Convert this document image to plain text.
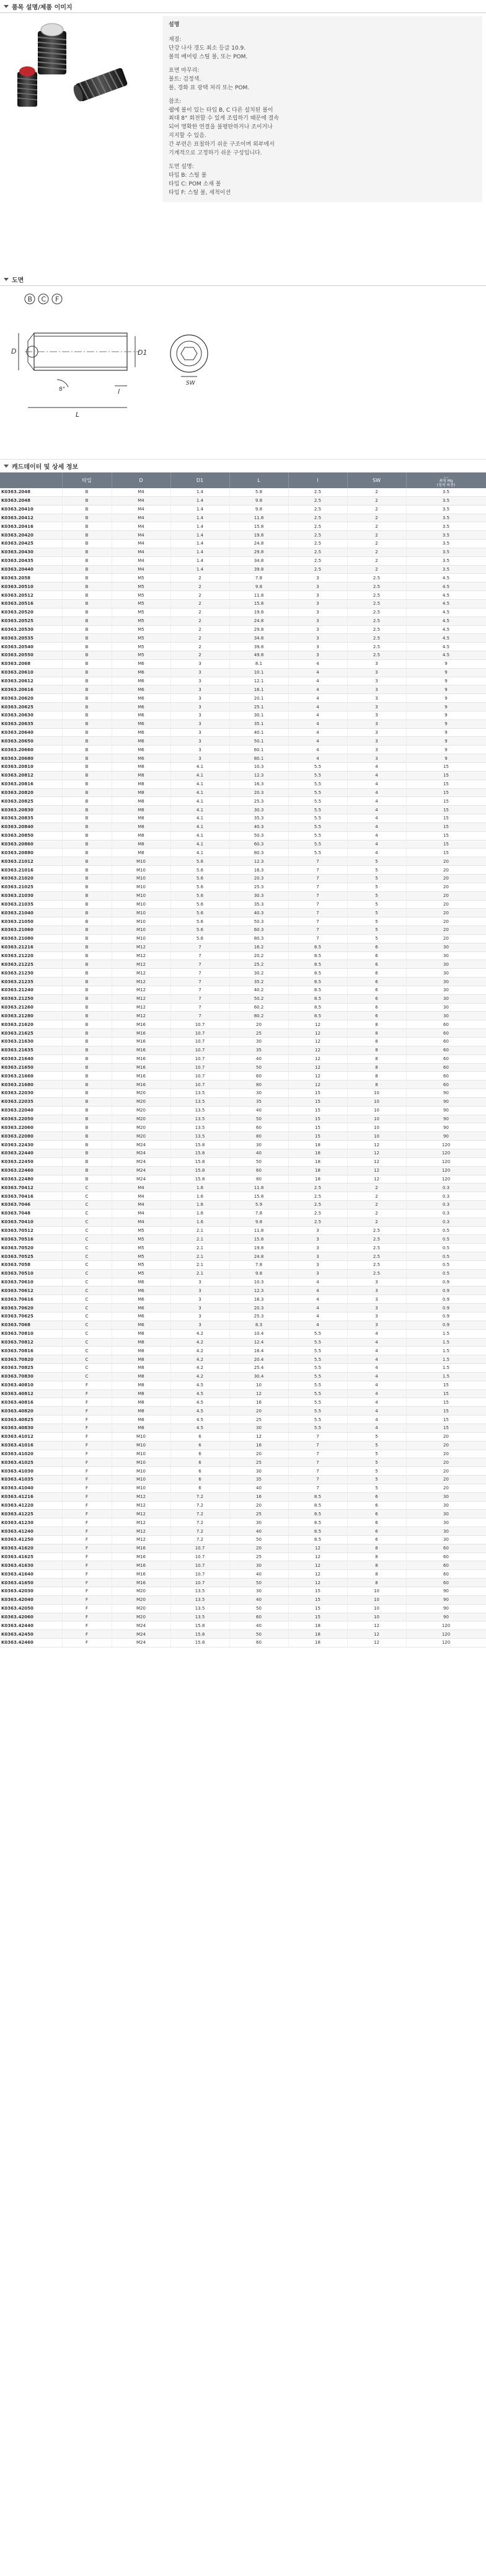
품목 설명/제품 이미지
설명
재질:
단강 나사 경도 최소 등급 10.9.
볼의 베어링 스틸 볼, 또는 POM.
표면 마무리:
볼트: 검정색.
볼, 경화 표 광택 처리 또는 POM.
참조:
쉘에 볼이 있는 타입 B, C 다른 설치된 볼이
최대 8° 회전할 수 있게 조립하기 때문에 결속
되어 명확한 연결을 불평탄하거나 조이거나
지지할 수 있음.
간 부련은 표칠하기 쉬운 구조이며 외부에서
기계적으로 고정하기 쉬운 구성입니다.
도면 설명:
타입 B: 스틸 볼
타입 C: POM 소재 볼
타입 F: 스틸 볼, 세척이션
도면
B C F
D	D1
L
l
8°
SW
캐드데이터 및 상세 정보
	타입	D	D1	L	l	SW	...
최대 Mg
(정적 하중)

K0363.2048	B	M4	1.4	5.8	2.5	2	3.5
K0363.2048	B	M4	1.4	9.8	2.5	2	3.5
K0363.20410	B	M4	1.4	9.8	2.5	2	3.5
K0363.20412	B	M4	1.4	11.8	2.5	2	3.5
K0363.20416	B	M4	1.4	15.8	2.5	2	3.5
K0363.20420	B	M4	1.4	19.8	2.5	2	3.5
K0363.20425	B	M4	1.4	24.8	2.5	2	3.5
K0363.20430	B	M4	1.4	29.8	2.5	2	3.5
K0363.20435	B	M4	1.4	34.8	2.5	2	3.5
K0363.20440	B	M4	1.4	39.8	2.5	2	3.5
K0363.2058	B	M5	2	7.8	3	2.5	4.5
K0363.20510	B	M5	2	9.8	3	2.5	4.5
K0363.20512	B	M5	2	11.8	3	2.5	4.5
K0363.20516	B	M5	2	15.8	3	2.5	4.5
K0363.20520	B	M5	2	19.8	3	2.5	4.5
K0363.20525	B	M5	2	24.8	3	2.5	4.5
K0363.20530	B	M5	2	29.8	3	2.5	4.5
K0363.20535	B	M5	2	34.8	3	2.5	4.5
K0363.20540	B	M5	2	39.8	3	2.5	4.5
K0363.20550	B	M5	2	49.8	3	2.5	4.5
K0363.2068	B	M6	3	8.1	4	3	9
K0363.20610	B	M6	3	10.1	4	3	9
K0363.20612	B	M6	3	12.1	4	3	9
K0363.20616	B	M6	3	16.1	4	3	9
K0363.20620	B	M6	3	20.1	4	3	9
K0363.20625	B	M6	3	25.1	4	3	9
K0363.20630	B	M6	3	30.1	4	3	9
K0363.20635	B	M6	3	35.1	4	3	9
K0363.20640	B	M6	3	40.1	4	3	9
K0363.20650	B	M6	3	50.1	4	3	9
K0363.20660	B	M6	3	60.1	4	3	9
K0363.20680	B	M6	3	80.1	4	3	9
K0363.20810	B	M8	4.1	10.3	5.5	4	15
K0363.20812	B	M8	4.1	12.3	5.5	4	15
K0363.20816	B	M8	4.1	16.3	5.5	4	15
K0363.20820	B	M8	4.1	20.3	5.5	4	15
K0363.20825	B	M8	4.1	25.3	5.5	4	15
K0363.20830	B	M8	4.1	30.3	5.5	4	15
K0363.20835	B	M8	4.1	35.3	5.5	4	15
K0363.20840	B	M8	4.1	40.3	5.5	4	15
K0363.20850	B	M8	4.1	50.3	5.5	4	15
K0363.20860	B	M8	4.1	60.3	5.5	4	15
K0363.20880	B	M8	4.1	80.3	5.5	4	15
K0363.21012	B	M10	5.6	12.3	7	5	20
K0363.21016	B	M10	5.6	16.3	7	5	20
K0363.21020	B	M10	5.6	20.3	7	5	20
K0363.21025	B	M10	5.6	25.3	7	5	20
K0363.21030	B	M10	5.6	30.3	7	5	20
K0363.21035	B	M10	5.6	35.3	7	5	20
K0363.21040	B	M10	5.6	40.3	7	5	20
K0363.21050	B	M10	5.6	50.3	7	5	20
K0363.21060	B	M10	5.6	60.3	7	5	20
K0363.21080	B	M10	5.6	80.3	7	5	20
K0363.21216	B	M12	7	16.2	8.5	6	30
K0363.21220	B	M12	7	20.2	8.5	6	30
K0363.21225	B	M12	7	25.2	8.5	6	30
K0363.21230	B	M12	7	30.2	8.5	6	30
K0363.21235	B	M12	7	35.2	8.5	6	30
K0363.21240	B	M12	7	40.2	8.5	6	30
K0363.21250	B	M12	7	50.2	8.5	6	30
K0363.21260	B	M12	7	60.2	8.5	6	30
K0363.21280	B	M12	7	80.2	8.5	6	30
K0363.21620	B	M16	10.7	20	12	8	60
K0363.21625	B	M16	10.7	25	12	8	60
K0363.21630	B	M16	10.7	30	12	8	60
K0363.21635	B	M16	10.7	35	12	8	60
K0363.21640	B	M16	10.7	40	12	8	60
K0363.21650	B	M16	10.7	50	12	8	60
K0363.21660	B	M16	10.7	60	12	8	60
K0363.21680	B	M16	10.7	80	12	8	60
K0363.22030	B	M20	13.5	30	15	10	90
K0363.22035	B	M20	13.5	35	15	10	90
K0363.22040	B	M20	13.5	40	15	10	90
K0363.22050	B	M20	13.5	50	15	10	90
K0363.22060	B	M20	13.5	60	15	10	90
K0363.22080	B	M20	13.5	80	15	10	90
K0363.22430	B	M24	15.8	30	18	12	120
K0363.22440	B	M24	15.8	40	18	12	120
K0363.22450	B	M24	15.8	50	18	12	120
K0363.22460	B	M24	15.8	60	18	12	120
K0363.22480	B	M24	15.8	80	18	12	120
K0363.70412	C	M4	1.6	11.8	2.5	2	0.3
K0363.70416	C	M4	1.6	15.8	2.5	2	0.3
K0363.7046	C	M4	1.6	5.9	2.5	2	0.3
K0363.7048	C	M4	1.6	7.8	2.5	2	0.3
K0363.70410	C	M4	1.6	9.8	2.5	2	0.3
K0363.70512	C	M5	2.1	11.8	3	2.5	0.5
K0363.70516	C	M5	2.1	15.8	3	2.5	0.5
K0363.70520	C	M5	2.1	19.8	3	2.5	0.5
K0363.70525	C	M5	2.1	24.8	3	2.5	0.5
K0363.7058	C	M5	2.1	7.8	3	2.5	0.5
K0363.70510	C	M5	2.1	9.8	3	2.5	0.5
K0363.70610	C	M6	3	10.3	4	3	0.9
K0363.70612	C	M6	3	12.3	4	3	0.9
K0363.70616	C	M6	3	16.3	4	3	0.9
K0363.70620	C	M6	3	20.3	4	3	0.9
K0363.70625	C	M6	3	25.3	4	3	0.9
K0363.7068	C	M6	3	8.3	4	3	0.9
K0363.70810	C	M8	4.2	10.4	5.5	4	1.5
K0363.70812	C	M8	4.2	12.4	5.5	4	1.5
K0363.70816	C	M8	4.2	16.4	5.5	4	1.5
K0363.70820	C	M8	4.2	20.4	5.5	4	1.5
K0363.70825	C	M8	4.2	25.4	5.5	4	1.5
K0363.70830	C	M8	4.2	30.4	5.5	4	1.5
K0363.40810	F	M8	4.5	10	5.5	4	15
K0363.40812	F	M8	4.5	12	5.5	4	15
K0363.40816	F	M8	4.5	16	5.5	4	15
K0363.40820	F	M8	4.5	20	5.5	4	15
K0363.40825	F	M8	4.5	25	5.5	4	15
K0363.40830	F	M8	4.5	30	5.5	4	15
K0363.41012	F	M10	6	12	7	5	20
K0363.41016	F	M10	6	16	7	5	20
K0363.41020	F	M10	6	20	7	5	20
K0363.41025	F	M10	6	25	7	5	20
K0363.41030	F	M10	6	30	7	5	20
K0363.41035	F	M10	6	35	7	5	20
K0363.41040	F	M10	6	40	7	5	20
K0363.41216	F	M12	7.2	16	8.5	6	30
K0363.41220	F	M12	7.2	20	8.5	6	30
K0363.41225	F	M12	7.2	25	8.5	6	30
K0363.41230	F	M12	7.2	30	8.5	6	30
K0363.41240	F	M12	7.2	40	8.5	6	30
K0363.41250	F	M12	7.2	50	8.5	6	30
K0363.41620	F	M16	10.7	20	12	8	60
K0363.41625	F	M16	10.7	25	12	8	60
K0363.41630	F	M16	10.7	30	12	8	60
K0363.41640	F	M16	10.7	40	12	8	60
K0363.41650	F	M16	10.7	50	12	8	60
K0363.42030	F	M20	13.5	30	15	10	90
K0363.42040	F	M20	13.5	40	15	10	90
K0363.42050	F	M20	13.5	50	15	10	90
K0363.42060	F	M20	13.5	60	15	10	90
K0363.42440	F	M24	15.8	40	18	12	120
K0363.42450	F	M24	15.8	50	18	12	120
K0363.42460	F	M24	15.8	60	18	12	120
